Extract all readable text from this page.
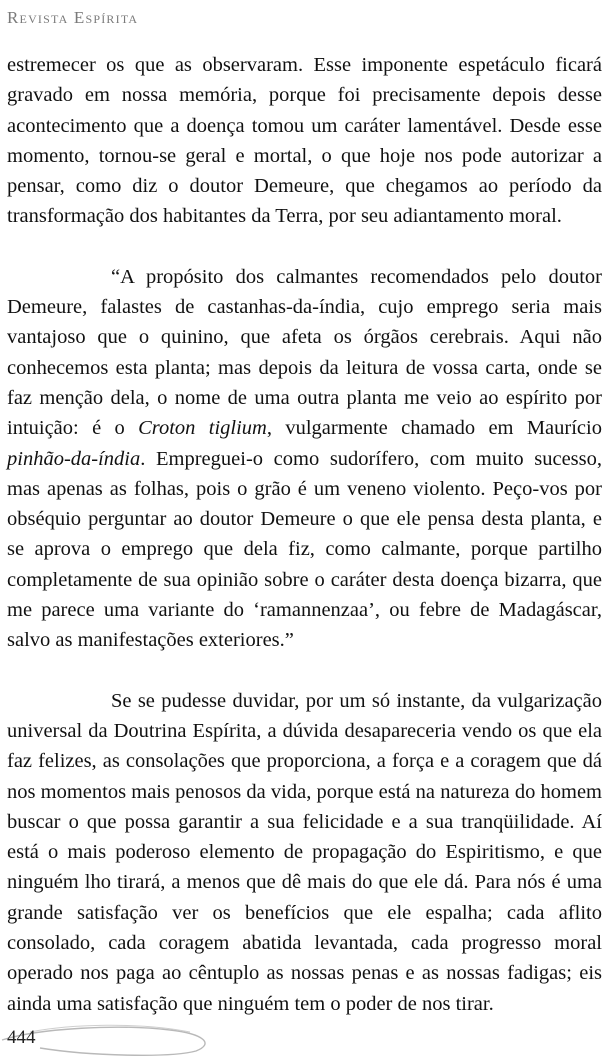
Revista Espírita

estremecer os que as observaram. Esse imponente espetáculo ficará gravado em nossa memória, porque foi precisamente depois desse acontecimento que a doença tomou um caráter lamentável. Desde esse momento, tornou-se geral e mortal, o que hoje nos pode autorizar a pensar, como diz o doutor Demeure, que chegamos ao período da transformação dos habitantes da Terra, por seu adiantamento moral.

“A propósito dos calmantes recomendados pelo doutor Demeure, falastes de castanhas-da-índia, cujo emprego seria mais vantajoso que o quinino, que afeta os órgãos cerebrais. Aqui não conhecemos esta planta; mas depois da leitura de vossa carta, onde se faz menção dela, o nome de uma outra planta me veio ao espírito por intuição: é o Croton tiglium, vulgarmente chamado em Maurício pinhão-da-índia. Empreguei-o como sudorífero, com muito sucesso, mas apenas as folhas, pois o grão é um veneno violento. Peço-vos por obséquio perguntar ao doutor Demeure o que ele pensa desta planta, e se aprova o emprego que dela fiz, como calmante, porque partilho completamente de sua opinião sobre o caráter desta doença bizarra, que me parece uma variante do ‘ramannenzaa’, ou febre de Madagáscar, salvo as manifestações exteriores.”

Se se pudesse duvidar, por um só instante, da vulgarização universal da Doutrina Espírita, a dúvida desapareceria vendo os que ela faz felizes, as consolações que proporciona, a força e a coragem que dá nos momentos mais penosos da vida, porque está na natureza do homem buscar o que possa garantir a sua felicidade e a sua tranqüilidade. Aí está o mais poderoso elemento de propagação do Espiritismo, e que ninguém lho tirará, a menos que dê mais do que ele dá. Para nós é uma grande satisfação ver os benefícios que ele espalha; cada aflito consolado, cada coragem abatida levantada, cada progresso moral operado nos paga ao cêntuplo as nossas penas e as nossas fadigas; eis ainda uma satisfação que ninguém tem o poder de nos tirar.

444
